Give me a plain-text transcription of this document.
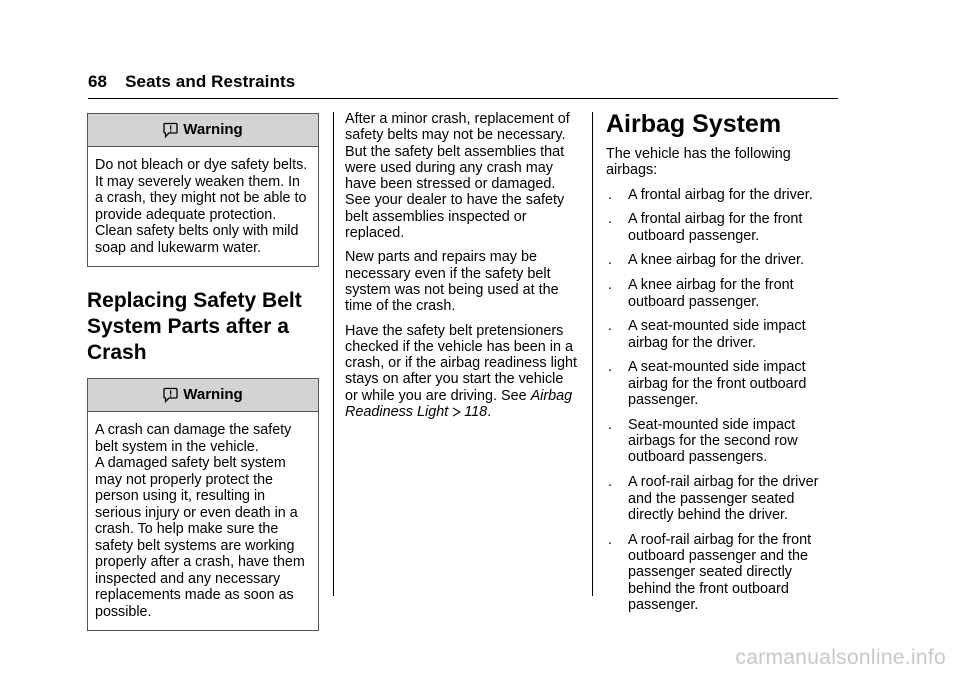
68 Seats and Restraints
Warning

Do not bleach or dye safety belts.
It may severely weaken them. In
a crash, they might not be able to
provide adequate protection.
Clean safety belts only with mild
soap and lukewarm water.

Replacing Safety Belt
System Parts after a
Crash
Warning

A crash can damage the safety
belt system in the vehicle.
A damaged safety belt system
may not properly protect the
person using it, resulting in
serious injury or even death in a
crash. To help make sure the
safety belt systems are working
properly after a crash, have them
inspected and any necessary
replacements made as soon as
possible.

After a minor crash, replacement of
safety belts may not be necessary.
But the safety belt assemblies that
were used during any crash may
have been stressed or damaged.
See your dealer to have the safety
belt assemblies inspected or
replaced.

New parts and repairs may be
necessary even if the safety belt
system was not being used at the
time of the crash.

Have the safety belt pretensioners
checked if the vehicle has been in a
crash, or if the airbag readiness light
stays on after you start the vehicle
or while you are driving. See Airbag
Readiness Light 118.

Airbag System

The vehicle has the following
airbags:

. A frontal airbag for the driver.
. A frontal airbag for the front
outboard passenger.
. A knee airbag for the driver.
. A knee airbag for the front
outboard passenger.
. A seat-mounted side impact
airbag for the driver.
. A seat-mounted side impact
airbag for the front outboard
passenger.
. Seat-mounted side impact
airbags for the second row
outboard passengers.
. A roof-rail airbag for the driver
and the passenger seated
directly behind the driver.
. A roof-rail airbag for the front
outboard passenger and the
passenger seated directly
behind the front outboard
passenger.
carmanualsonline.info
